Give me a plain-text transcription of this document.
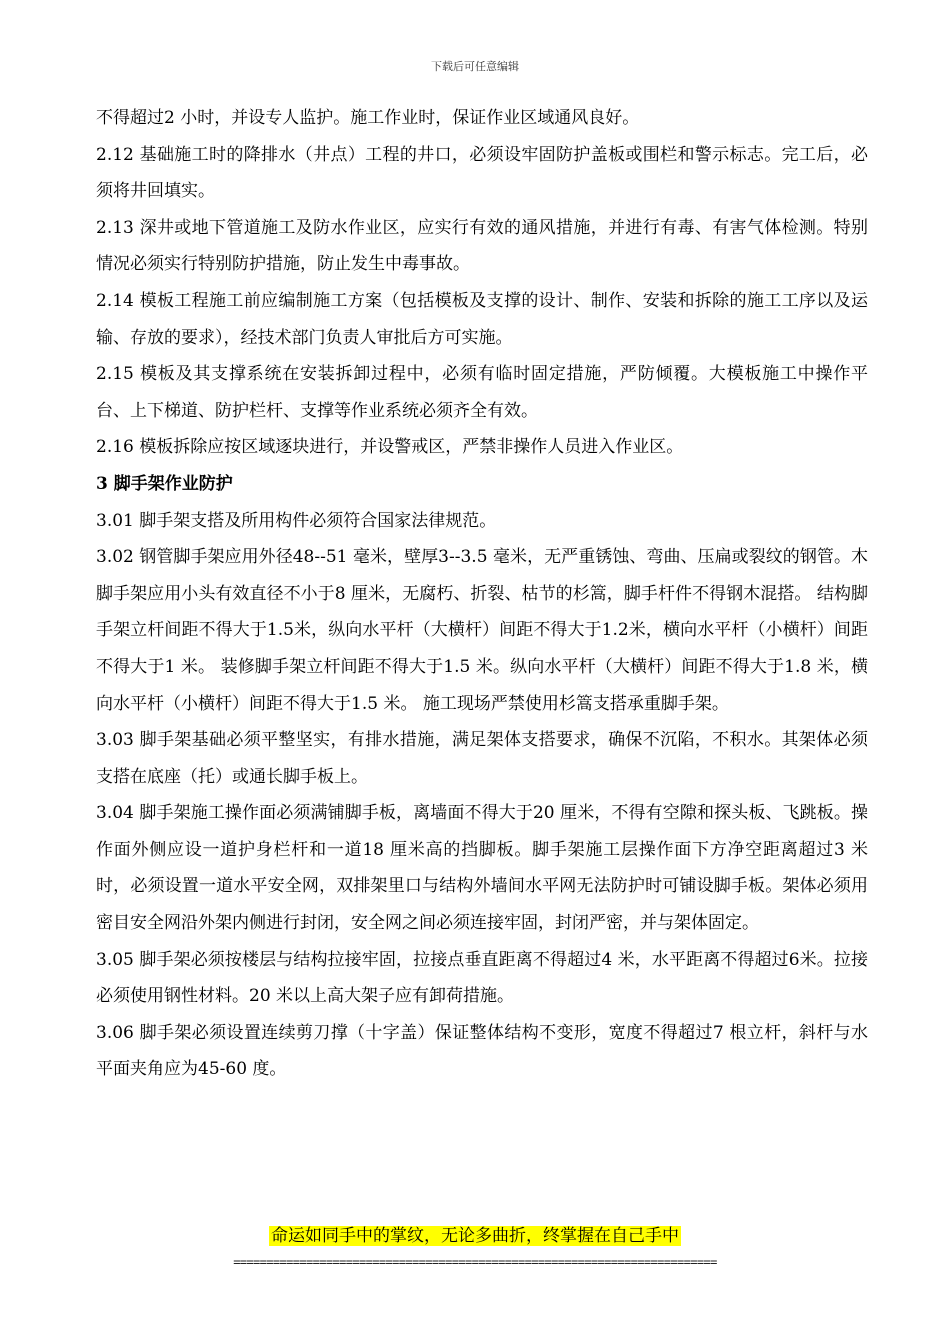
下载后可任意编辑

不得超过2 小时，并设专人监护。施工作业时，保证作业区域通风良好。

2.12 基础施工时的降排水（井点）工程的井口，必须设牢固防护盖板或围栏和警示标志。完工后，必须将井回填实。

2.13 深井或地下管道施工及防水作业区，应实行有效的通风措施，并进行有毒、有害气体检测。特别情况必须实行特别防护措施，防止发生中毒事故。

2.14 模板工程施工前应编制施工方案（包括模板及支撑的设计、制作、安装和拆除的施工工序以及运输、存放的要求），经技术部门负责人审批后方可实施。

2.15 模板及其支撑系统在安装拆卸过程中，必须有临时固定措施，严防倾覆。大模板施工中操作平台、上下梯道、防护栏杆、支撑等作业系统必须齐全有效。

2.16 模板拆除应按区域逐块进行，并设警戒区，严禁非操作人员进入作业区。

3 脚手架作业防护

3.01 脚手架支搭及所用构件必须符合国家法律规范。

3.02 钢管脚手架应用外径48--51 毫米，壁厚3--3.5 毫米，无严重锈蚀、弯曲、压扁或裂纹的钢管。木脚手架应用小头有效直径不小于8 厘米，无腐朽、折裂、枯节的杉篙，脚手杆件不得钢木混搭。 结构脚手架立杆间距不得大于1.5米，纵向水平杆（大横杆）间距不得大于1.2米，横向水平杆（小横杆）间距不得大于1 米。 装修脚手架立杆间距不得大于1.5 米。纵向水平杆（大横杆）间距不得大于1.8 米，横向水平杆（小横杆）间距不得大于1.5 米。 施工现场严禁使用杉篙支搭承重脚手架。

3.03 脚手架基础必须平整坚实，有排水措施，满足架体支搭要求，确保不沉陷，不积水。其架体必须支搭在底座（托）或通长脚手板上。

3.04 脚手架施工操作面必须满铺脚手板，离墙面不得大于20 厘米，不得有空隙和探头板、飞跳板。操作面外侧应设一道护身栏杆和一道18 厘米高的挡脚板。脚手架施工层操作面下方净空距离超过3 米时，必须设置一道水平安全网，双排架里口与结构外墙间水平网无法防护时可铺设脚手板。架体必须用密目安全网沿外架内侧进行封闭，安全网之间必须连接牢固，封闭严密，并与架体固定。

3.05 脚手架必须按楼层与结构拉接牢固，拉接点垂直距离不得超过4 米，水平距离不得超过6米。拉接必须使用钢性材料。20 米以上高大架子应有卸荷措施。

3.06 脚手架必须设置连续剪刀撑（十字盖）保证整体结构不变形，宽度不得超过7 根立杆，斜杆与水平面夹角应为45-60 度。

命运如同手中的掌纹，无论多曲折，终掌握在自己手中
=========================================================================
